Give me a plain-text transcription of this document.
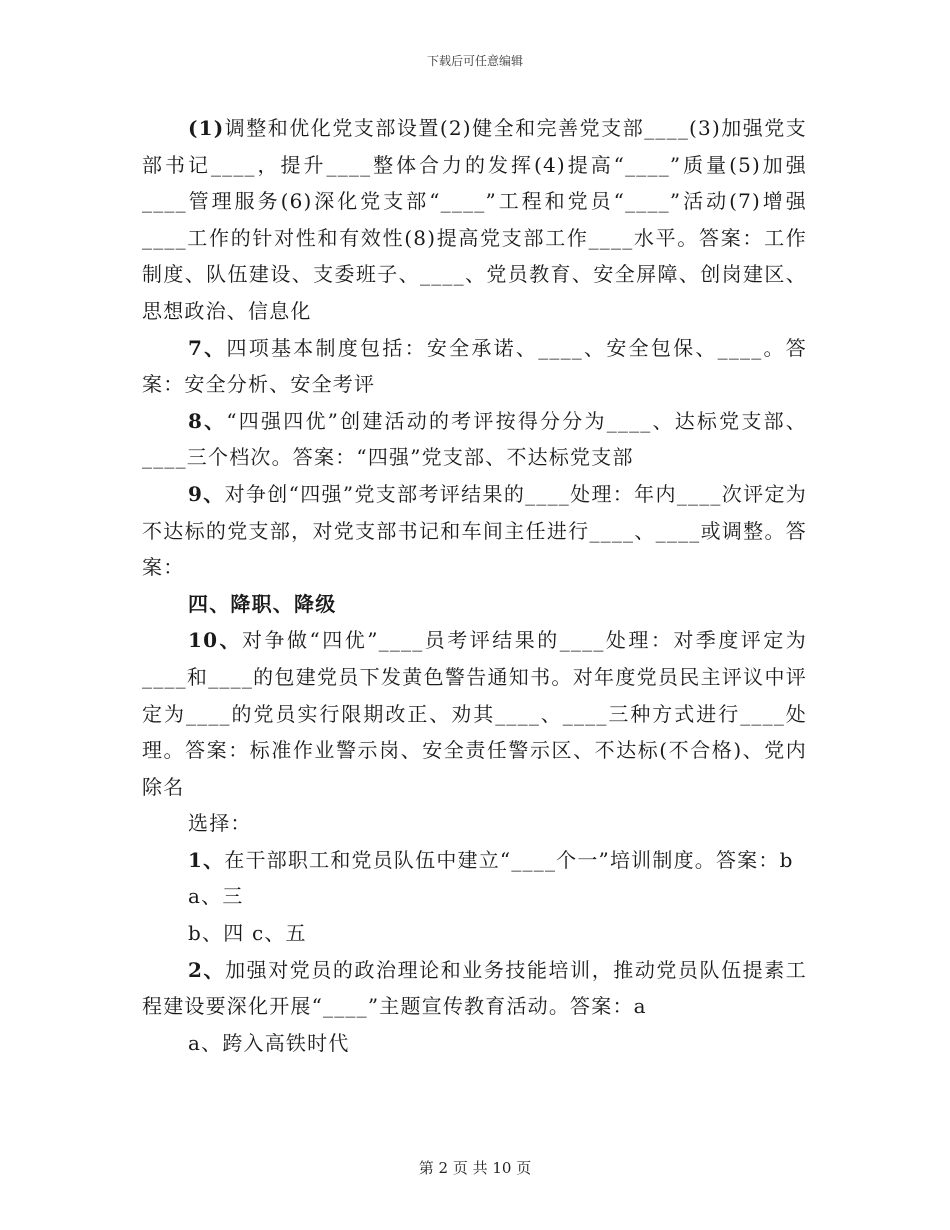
下载后可任意编辑

(1)调整和优化党支部设置(2)健全和完善党支部____(3)加强党支部书记____，提升____整体合力的发挥(4)提高“____”质量(5)加强____管理服务(6)深化党支部“____”工程和党员“____”活动(7)增强____工作的针对性和有效性(8)提高党支部工作____水平。答案：工作制度、队伍建设、支委班子、____、党员教育、安全屏障、创岗建区、思想政治、信息化

7、四项基本制度包括：安全承诺、____、安全包保、____。答案：安全分析、安全考评

8、“四强四优”创建活动的考评按得分分为____、达标党支部、____三个档次。答案：“四强”党支部、不达标党支部

9、对争创“四强”党支部考评结果的____处理：年内____次评定为不达标的党支部，对党支部书记和车间主任进行____、____或调整。答案：

四、降职、降级

10、对争做“四优”____员考评结果的____处理：对季度评定为____和____的包建党员下发黄色警告通知书。对年度党员民主评议中评定为____的党员实行限期改正、劝其____、____三种方式进行____处理。答案：标准作业警示岗、安全责任警示区、不达标(不合格)、党内除名

选择：

1、在干部职工和党员队伍中建立“____个一”培训制度。答案：b

a、三

b、四 c、五

2、加强对党员的政治理论和业务技能培训，推动党员队伍提素工程建设要深化开展“____”主题宣传教育活动。答案：a

a、跨入高铁时代

第 2 页 共 10 页
